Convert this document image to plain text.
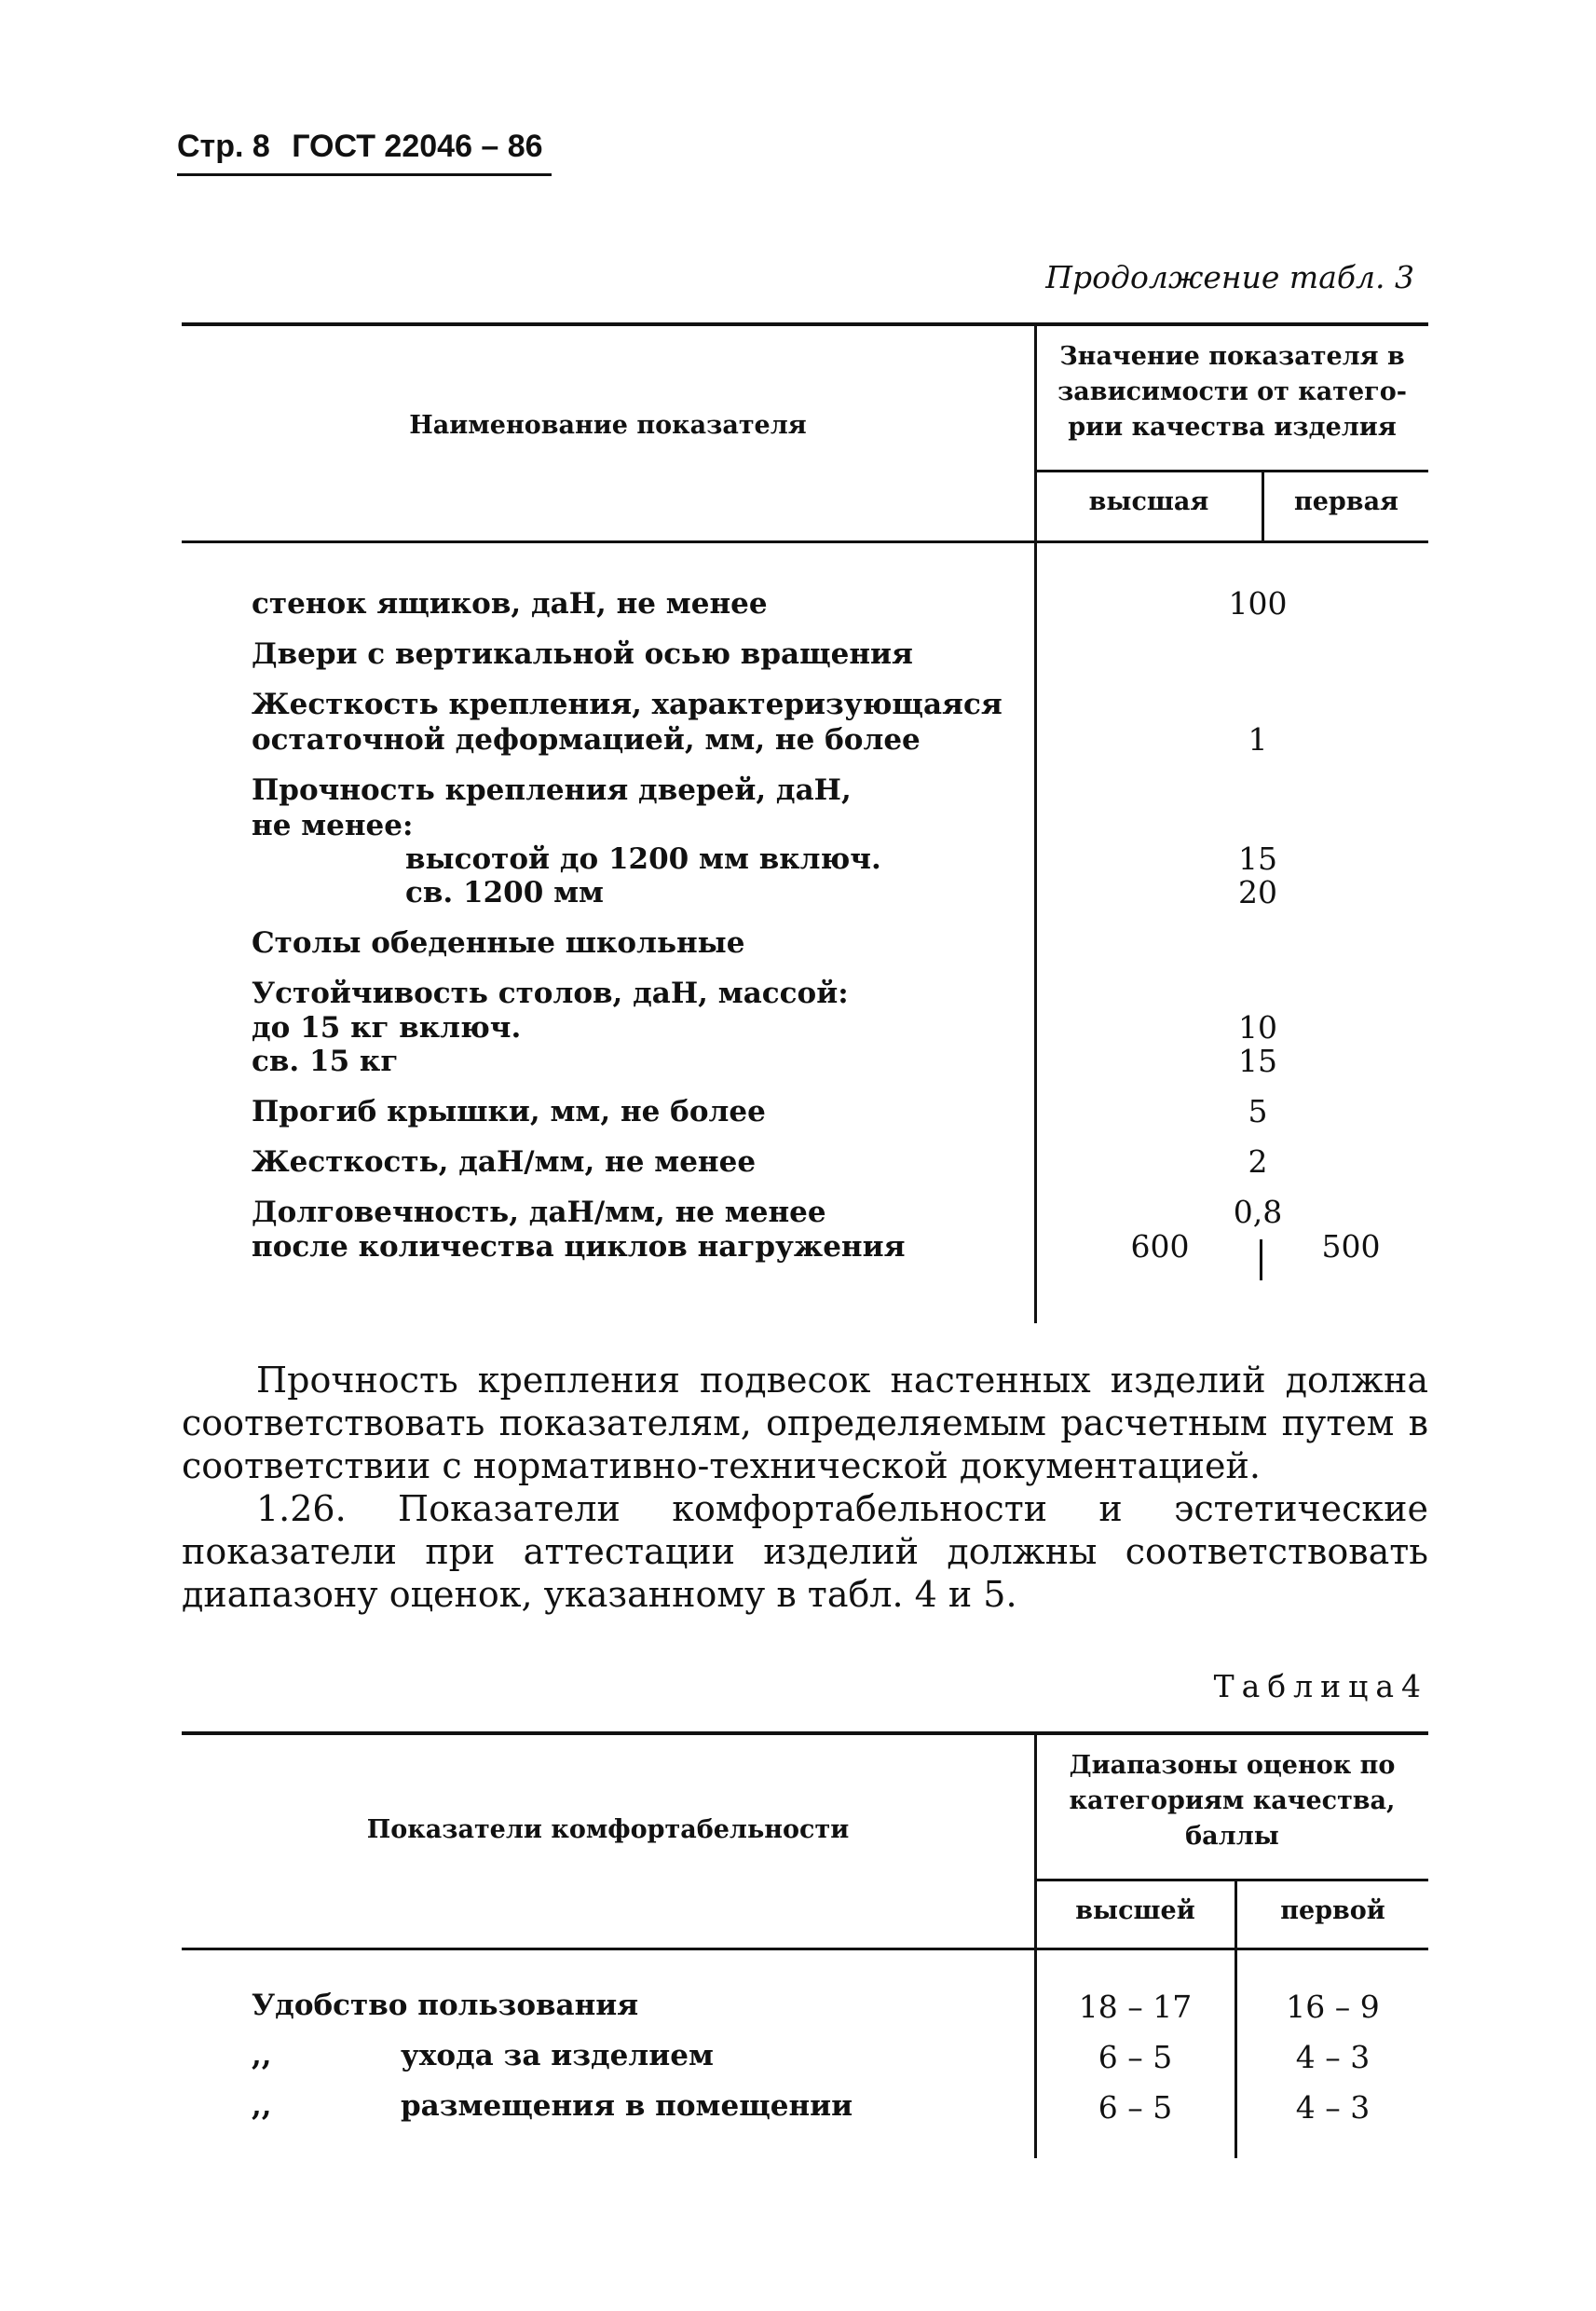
Стр. 8 ГОСТ 22046 – 86
Продолжение табл. 3
Наименование показателя
Значение показателя в
зависимости от катего-
рии качества изделия
высшая	первая
стенок ящиков, даН, не менее	100
Двери с вертикальной осью вращения
Жесткость крепления, характеризующаяся
остаточной деформацией, мм, не более	1
Прочность крепления дверей, даН,
не менее:
высотой до 1200 мм включ.	15
св. 1200 мм	20
Столы обеденные школьные
Устойчивость столов, даН, массой:
до 15 кг включ.	10
св. 15 кг	15
Прогиб крышки, мм, не более	5
Жесткость, даН/мм, не менее	2
Долговечность, даН/мм, не менее	0,8
после количества циклов нагружения	600	500

Прочность крепления подвесок настенных изделий должна соответствовать показателям, определяемым расчетным путем в соответствии с нормативно-технической документацией.

1.26. Показатели комфортабельности и эстетические показатели при аттестации изделий должны соответствовать диапазону оценок, указанному в табл. 4 и 5.

Таблица4
Показатели комфортабельности
Диапазоны оценок по
категориям качества,
баллы
высшей	первой
Удобство пользования	18 – 17	16 – 9
,,	ухода за изделием	6 – 5	4 – 3
,,	размещения в помещении	6 – 5	4 – 3
